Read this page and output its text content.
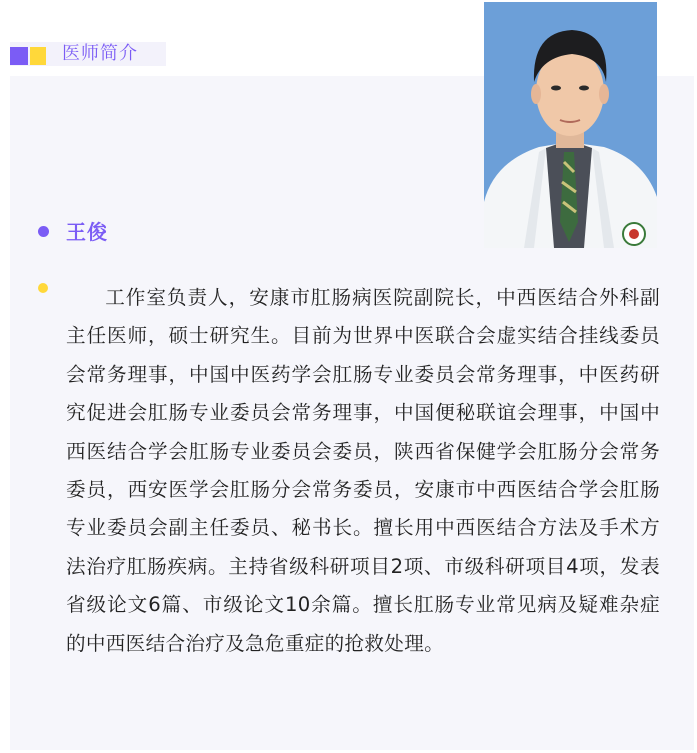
医师简介
王俊
工作室负责人，安康市肛肠病医院副院长，中西医结合外科副主任医师，硕士研究生。目前为世界中医联合会虚实结合挂线委员会常务理事，中国中医药学会肛肠专业委员会常务理事，中医药研究促进会肛肠专业委员会常务理事，中国便秘联谊会理事，中国中西医结合学会肛肠专业委员会委员，陕西省保健学会肛肠分会常务委员，西安医学会肛肠分会常务委员，安康市中西医结合学会肛肠专业委员会副主任委员、秘书长。擅长用中西医结合方法及手术方法治疗肛肠疾病。主持省级科研项目2项、市级科研项目4项，发表省级论文6篇、市级论文10余篇。擅长肛肠专业常见病及疑难杂症的中西医结合治疗及急危重症的抢救处理。
